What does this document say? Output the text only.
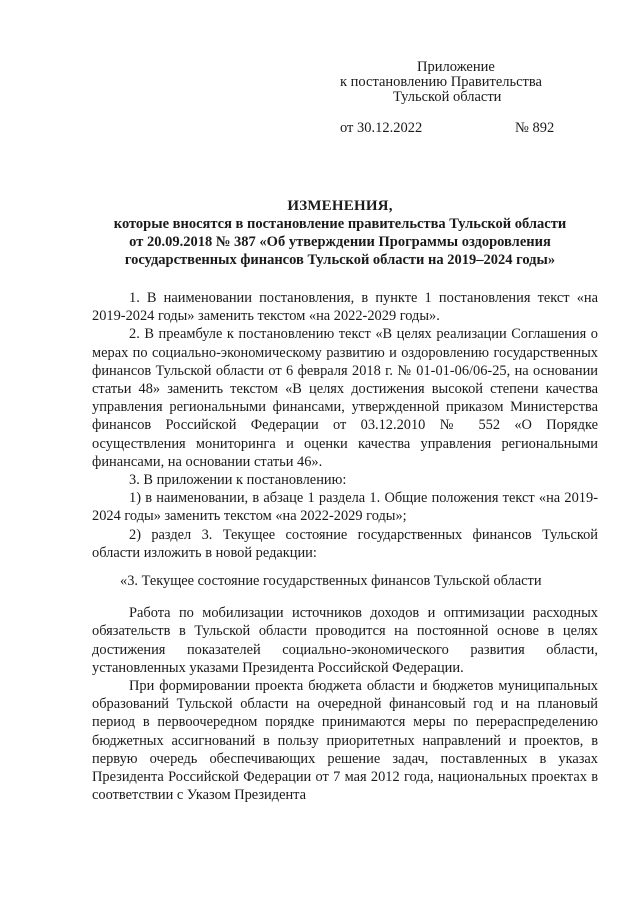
Приложение
к постановлению Правительства
Тульской области
от 30.12.2022	№ 892
ИЗМЕНЕНИЯ,
которые вносятся в постановление правительства Тульской области
от 20.09.2018 № 387 «Об утверждении Программы оздоровления
государственных финансов Тульской области на 2019–2024 годы»

1. В наименовании постановления, в пункте 1 постановления текст «на 2019-2024 годы» заменить текстом «на 2022-2029 годы».

2. В преамбуле к постановлению текст «В целях реализации Соглашения о мерах по социально-экономическому развитию и оздоровлению государственных финансов Тульской области от 6 февраля 2018 г. № 01-01-06/06-25, на основании статьи 48» заменить текстом «В целях достижения высокой степени качества управления региональными финансами, утвержденной приказом Министерства финансов Российской Федерации от 03.12.2010 № 552 «О Порядке осуществления мониторинга и оценки качества управления региональными финансами, на основании статьи 46».

3. В приложении к постановлению:

1) в наименовании, в абзаце 1 раздела 1. Общие положения текст «на 2019-2024 годы» заменить текстом «на 2022-2029 годы»;

2) раздел 3. Текущее состояние государственных финансов Тульской области изложить в новой редакции:

«3. Текущее состояние государственных финансов Тульской области

Работа по мобилизации источников доходов и оптимизации расходных обязательств в Тульской области проводится на постоянной основе в целях достижения показателей социально-экономического развития области, установленных указами Президента Российской Федерации.

При формировании проекта бюджета области и бюджетов муниципальных образований Тульской области на очередной финансовый год и на плановый период в первоочередном порядке принимаются меры по перераспределению бюджетных ассигнований в пользу приоритетных направлений и проектов, в первую очередь обеспечивающих решение задач, поставленных в указах Президента Российской Федерации от 7 мая 2012 года, национальных проектах в соответствии с Указом Президента
